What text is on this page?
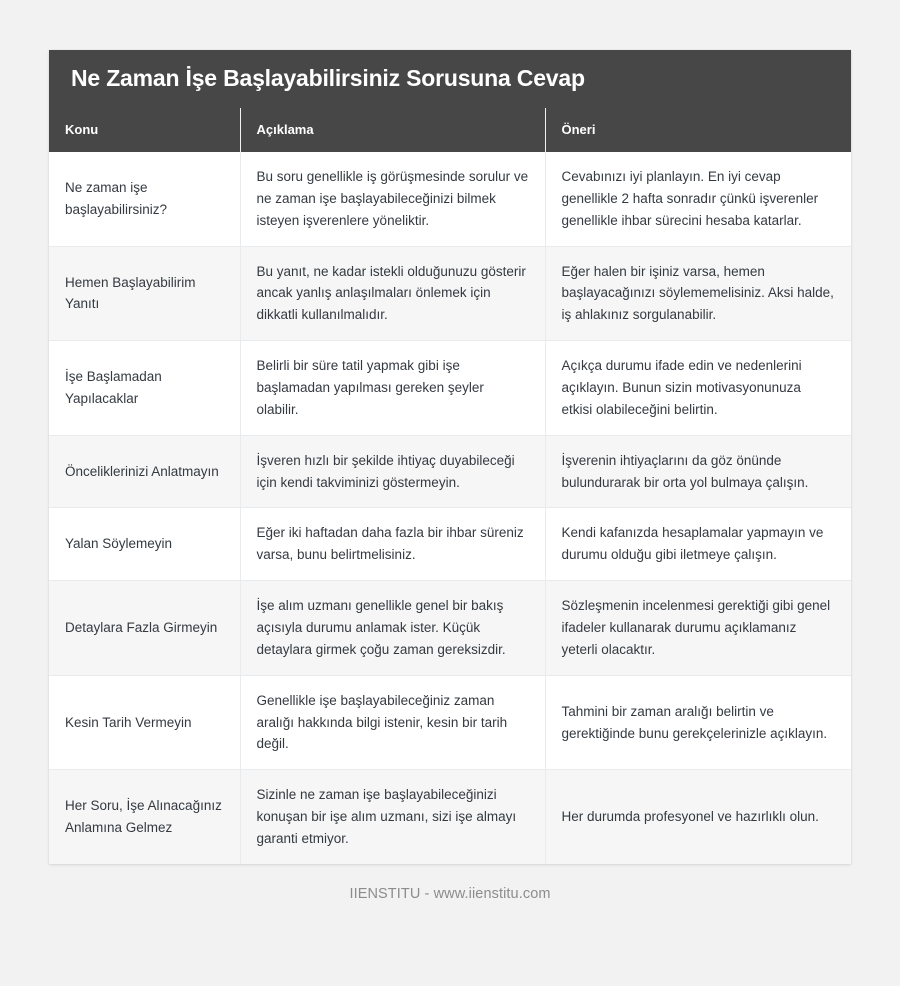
Ne Zaman İşe Başlayabilirsiniz Sorusuna Cevap
Konu	Açıklama	Öneri
Ne zaman işe başlayabilirsiniz?	Bu soru genellikle iş görüşmesinde sorulur ve ne zaman işe başlayabileceğinizi bilmek isteyen işverenlere yöneliktir.	Cevabınızı iyi planlayın. En iyi cevap genellikle 2 hafta sonradır çünkü işverenler genellikle ihbar sürecini hesaba katarlar.
Hemen Başlayabilirim Yanıtı	Bu yanıt, ne kadar istekli olduğunuzu gösterir ancak yanlış anlaşılmaları önlemek için dikkatli kullanılmalıdır.	Eğer halen bir işiniz varsa, hemen başlayacağınızı söylememelisiniz. Aksi halde, iş ahlakınız sorgulanabilir.
İşe Başlamadan Yapılacaklar	Belirli bir süre tatil yapmak gibi işe başlamadan yapılması gereken şeyler olabilir.	Açıkça durumu ifade edin ve nedenlerini açıklayın. Bunun sizin motivasyonunuza etkisi olabileceğini belirtin.
Önceliklerinizi Anlatmayın	İşveren hızlı bir şekilde ihtiyaç duyabileceği için kendi takviminizi göstermeyin.	İşverenin ihtiyaçlarını da göz önünde bulundurarak bir orta yol bulmaya çalışın.
Yalan Söylemeyin	Eğer iki haftadan daha fazla bir ihbar süreniz varsa, bunu belirtmelisiniz.	Kendi kafanızda hesaplamalar yapmayın ve durumu olduğu gibi iletmeye çalışın.
Detaylara Fazla Girmeyin	İşe alım uzmanı genellikle genel bir bakış açısıyla durumu anlamak ister. Küçük detaylara girmek çoğu zaman gereksizdir.	Sözleşmenin incelenmesi gerektiği gibi genel ifadeler kullanarak durumu açıklamanız yeterli olacaktır.
Kesin Tarih Vermeyin	Genellikle işe başlayabileceğiniz zaman aralığı hakkında bilgi istenir, kesin bir tarih değil.	Tahmini bir zaman aralığı belirtin ve gerektiğinde bunu gerekçelerinizle açıklayın.
Her Soru, İşe Alınacağınız Anlamına Gelmez	Sizinle ne zaman işe başlayabileceğinizi konuşan bir işe alım uzmanı, sizi işe almayı garanti etmiyor.	Her durumda profesyonel ve hazırlıklı olun.
IIENSTITU - www.iienstitu.com
